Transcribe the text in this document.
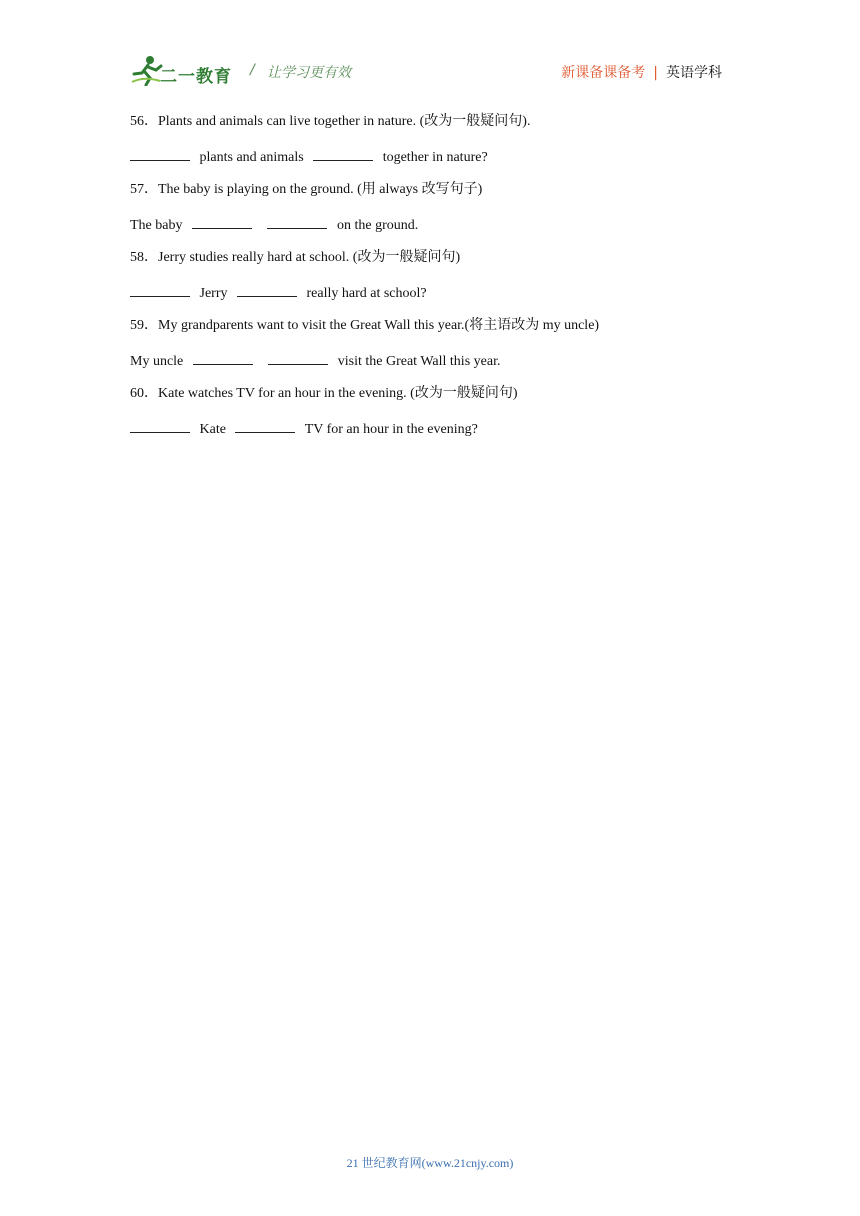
二一教育 / 让学习更有效	新课备课备考 | 英语学科
56．Plants and animals can live together in nature. (改为一般疑问句).
plants and animals	together in nature?
57．The baby is playing on the ground. (用 always 改写句子)
The baby	on the ground.
58．Jerry studies really hard at school. (改为一般疑问句)
Jerry	really hard at school?
59．My grandparents want to visit the Great Wall this year.(将主语改为 my uncle)
My uncle	visit the Great Wall this year.
60．Kate watches TV for an hour in the evening. (改为一般疑问句)
Kate	TV for an hour in the evening?
21 世纪教育网(www.21cnjy.com)
